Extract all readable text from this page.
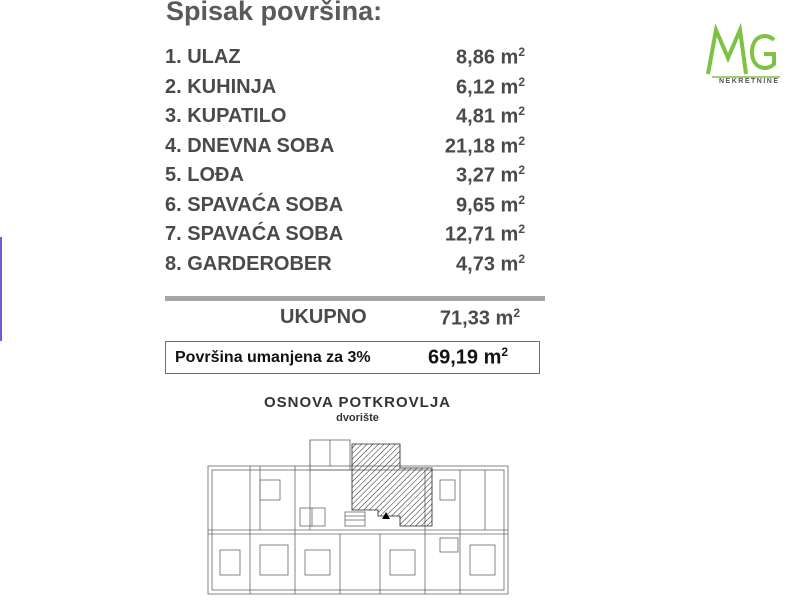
Spisak površina:
1. ULAZ	8,86 $m^2$
2. KUHINJA	6,12 $m^2$
3. KUPATILO	4,81 $m^2$
4. DNEVNA SOBA	21,18 $m^2$
5. LOĐA	3,27 $m^2$
6. SPAVAĆA SOBA	9,65 $m^2$
7. SPAVAĆA SOBA	12,71 $m^2$
8. GARDEROBER	4,73 $m^2$
UKUPNO	71,33 $m^2$
Površina umanjena za 3%	69,19 $m^2$
NEKRETNINE
OSNOVA POTKROVLJA
dvorište
